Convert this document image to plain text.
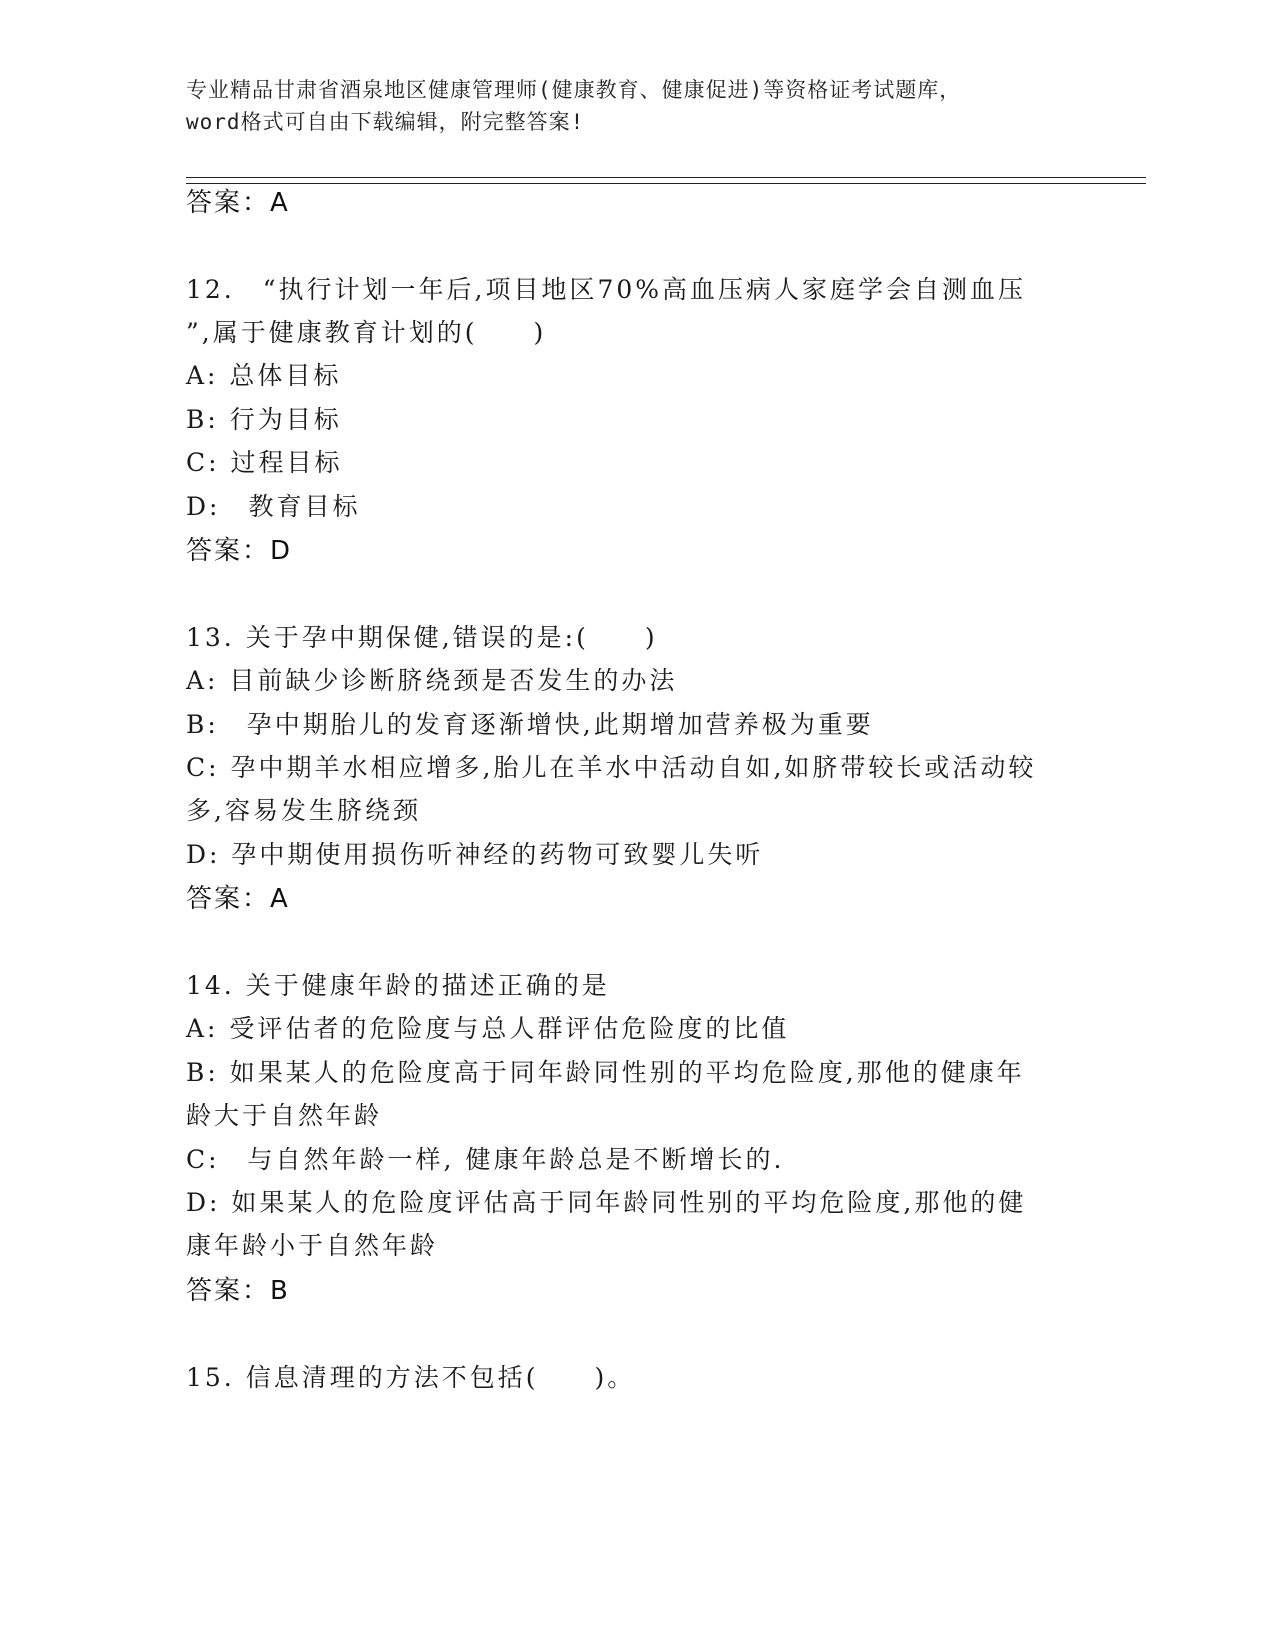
专业精品甘肃省酒泉地区健康管理师(健康教育、健康促进)等资格证考试题库，
word格式可自由下载编辑，附完整答案!
答案：A
12.　“执行计划一年后,项目地区70%高血压病人家庭学会自测血压
”,属于健康教育计划的(　　)
A: 总体目标
B: 行为目标
C: 过程目标
D:　教育目标
答案：D
13. 关于孕中期保健,错误的是:(　　)
A: 目前缺少诊断脐绕颈是否发生的办法
B:　孕中期胎儿的发育逐渐增快,此期增加营养极为重要
C: 孕中期羊水相应增多,胎儿在羊水中活动自如,如脐带较长或活动较
多,容易发生脐绕颈
D: 孕中期使用损伤听神经的药物可致婴儿失听
答案：A
14. 关于健康年龄的描述正确的是
A: 受评估者的危险度与总人群评估危险度的比值
B: 如果某人的危险度高于同年龄同性别的平均危险度,那他的健康年
龄大于自然年龄
C:　与自然年龄一样, 健康年龄总是不断增长的.
D: 如果某人的危险度评估高于同年龄同性别的平均危险度,那他的健
康年龄小于自然年龄
答案：B
15. 信息清理的方法不包括(　　)。
